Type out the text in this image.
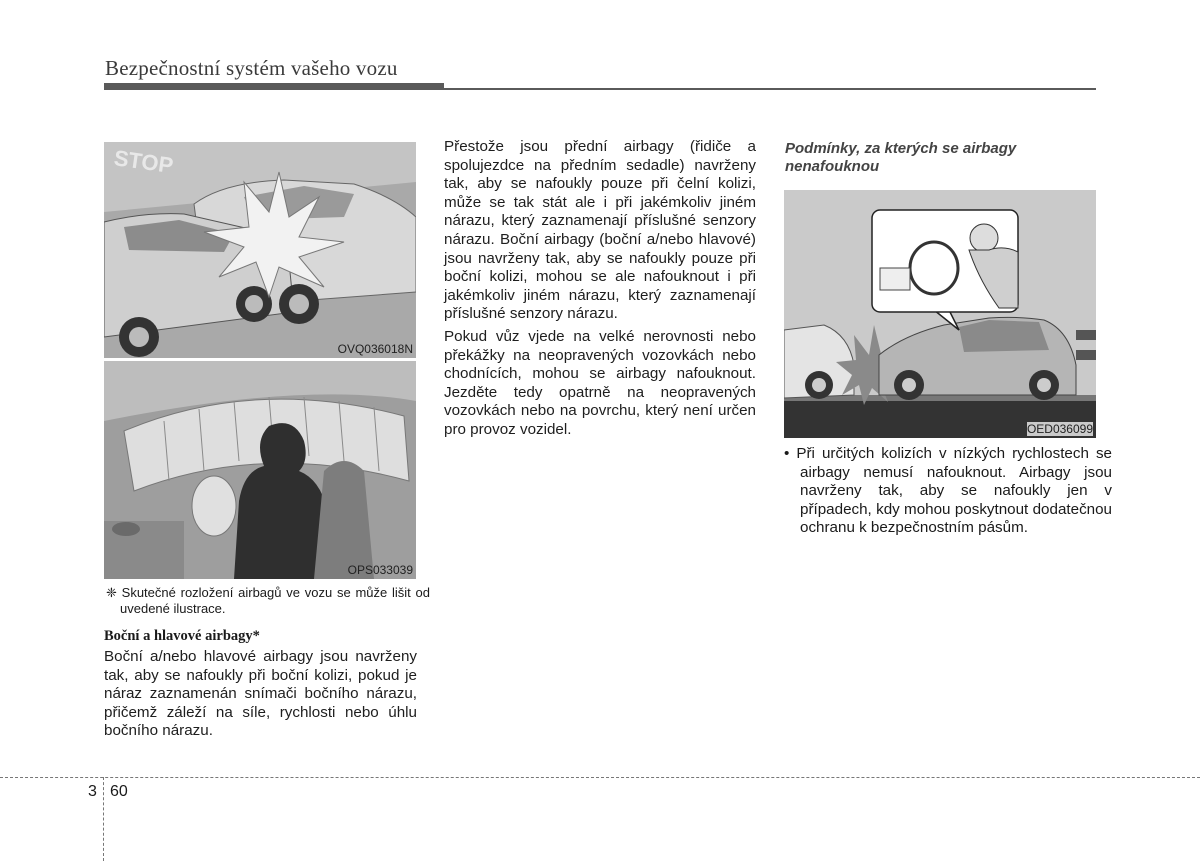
Bezpečnostní systém vašeho vozu
STOP
OVQ036018N
OPS033039
❈ Skutečné rozložení airbagů ve vozu se může lišit od uvedené ilustrace.
Boční a hlavové airbagy*

Boční a/nebo hlavové airbagy jsou navrženy tak, aby se nafoukly při boční kolizi, pokud je náraz zaznamenán snímači bočního nárazu, přičemž záleží na síle, rychlosti nebo úhlu bočního nárazu.

Přestože jsou přední airbagy (řidiče a spolujezdce na předním sedadle) navrženy tak, aby se nafoukly pouze při čelní kolizi, může se tak stát ale i při jakémkoliv jiném nárazu, který zaznamenají příslušné senzory nárazu. Boční airbagy (boční a/nebo hlavové) jsou navrženy tak, aby se nafoukly pouze při boční kolizi, mohou se ale nafouknout i při jakémkoliv jiném nárazu, který zaznamenají příslušné senzory nárazu.

Pokud vůz vjede na velké nerovnosti nebo překážky na neopravených vozovkách nebo chodnících, mohou se airbagy nafouknout. Jezděte tedy opatrně na neopravených vozovkách nebo na povrchu, který není určen pro provoz vozidel.

Podmínky, za kterých se airbagy nenafouknou
OED036099
• Při určitých kolizích v nízkých rychlostech se airbagy nemusí nafouknout. Airbagy jsou navrženy tak, aby se nafoukly jen v případech, kdy mohou poskytnout dodatečnou ochranu k bezpečnostním pásům.
3 60
